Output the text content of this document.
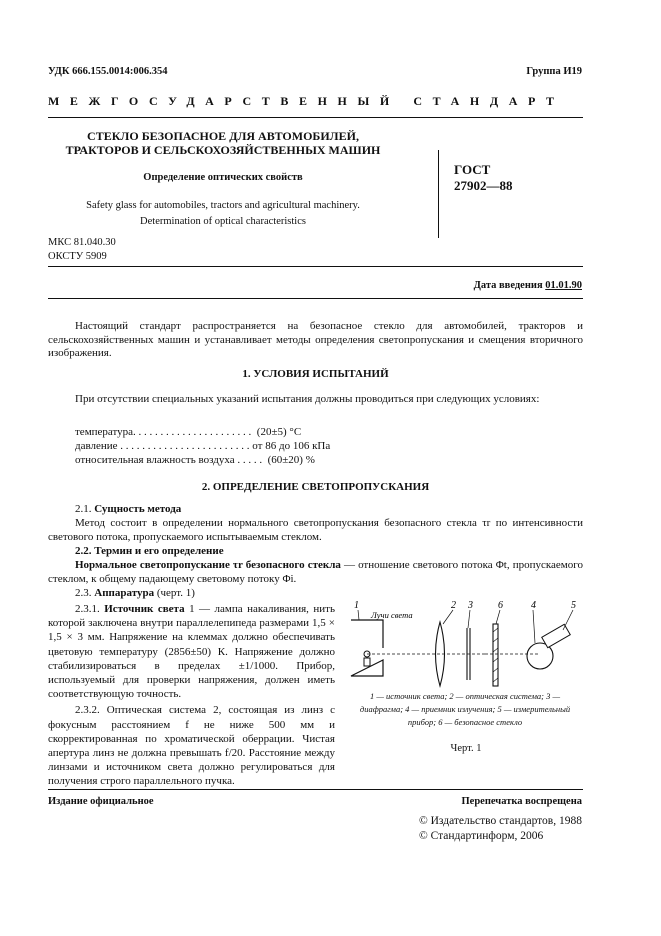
УДК 666.155.0014:006.354	Группа И19
МЕЖГОСУДАРСТВЕННЫЙ СТАНДАРТ
СТЕКЛО БЕЗОПАСНОЕ ДЛЯ АВТОМОБИЛЕЙ,
ТРАКТОРОВ И СЕЛЬСКОХОЗЯЙСТВЕННЫХ МАШИН
Определение оптических свойств
Safety glass for automobiles, tractors and agricultural machinery.
Determination of optical characteristics
ГОСТ
27902—88
МКС 81.040.30
ОКСТУ 5909
Дата введения 01.01.90
Настоящий стандарт распространяется на безопасное стекло для автомобилей, тракторов и сельскохозяйственных машин и устанавливает методы определения светопропускания и смещения вторичного изображения.
1. УСЛОВИЯ ИСПЫТАНИЙ
При отсутствии специальных указаний испытания должны проводиться при следующих условиях:
температура. . . . . . . . . . . . . . . . . . . . . .  (20±5) °С
давление . . . . . . . . . . . . . . . . . . . . . . . . от 86 до 106 кПа
относительная влажность воздуха . . . . .  (60±20) %
2. ОПРЕДЕЛЕНИЕ СВЕТОПРОПУСКАНИЯ
2.1. Сущность метода
Метод состоит в определении нормального светопропускания безопасного стекла τr по интенсивности светового потока, пропускаемого испытываемым стеклом.
2.2. Термин и его определение
Нормальное светопропускание τr безопасного стекла — отношение светового потока Φt, пропускаемого стеклом, к общему падающему световому потоку Φi.
2.3. Аппаратура (черт. 1)

2.3.1. Источник света 1 — лампа накаливания, нить которой заключена внутри параллелепипеда размерами 1,5 × 1,5 × 3 мм. Напряжение на клеммах должно обеспечивать цветовую температуру (2856±50) К. Напряжение должно стабилизироваться в пределах ±1/1000. Прибор, используемый для проверки напряжения, должен иметь соответствующую точность.

2.3.2. Оптическая система 2, состоящая из линз с фокусным расстоянием f не ниже 500 мм и скорректированная по хроматической оберрации. Чистая апертура линз не должна превышать f/20. Расстояние между линзами и источником света должно регулироваться для получения строго параллельного пучка.

Лучи света
1	2 3	6	4	5
1 — источник света; 2 — оптическая система; 3 — диафрагма; 4 — приемник излучения; 5 — измерительный прибор; 6 — безопасное стекло
Черт. 1
Издание официальное	Перепечатка воспрещена
© Издательство стандартов, 1988
© Стандартинформ, 2006
